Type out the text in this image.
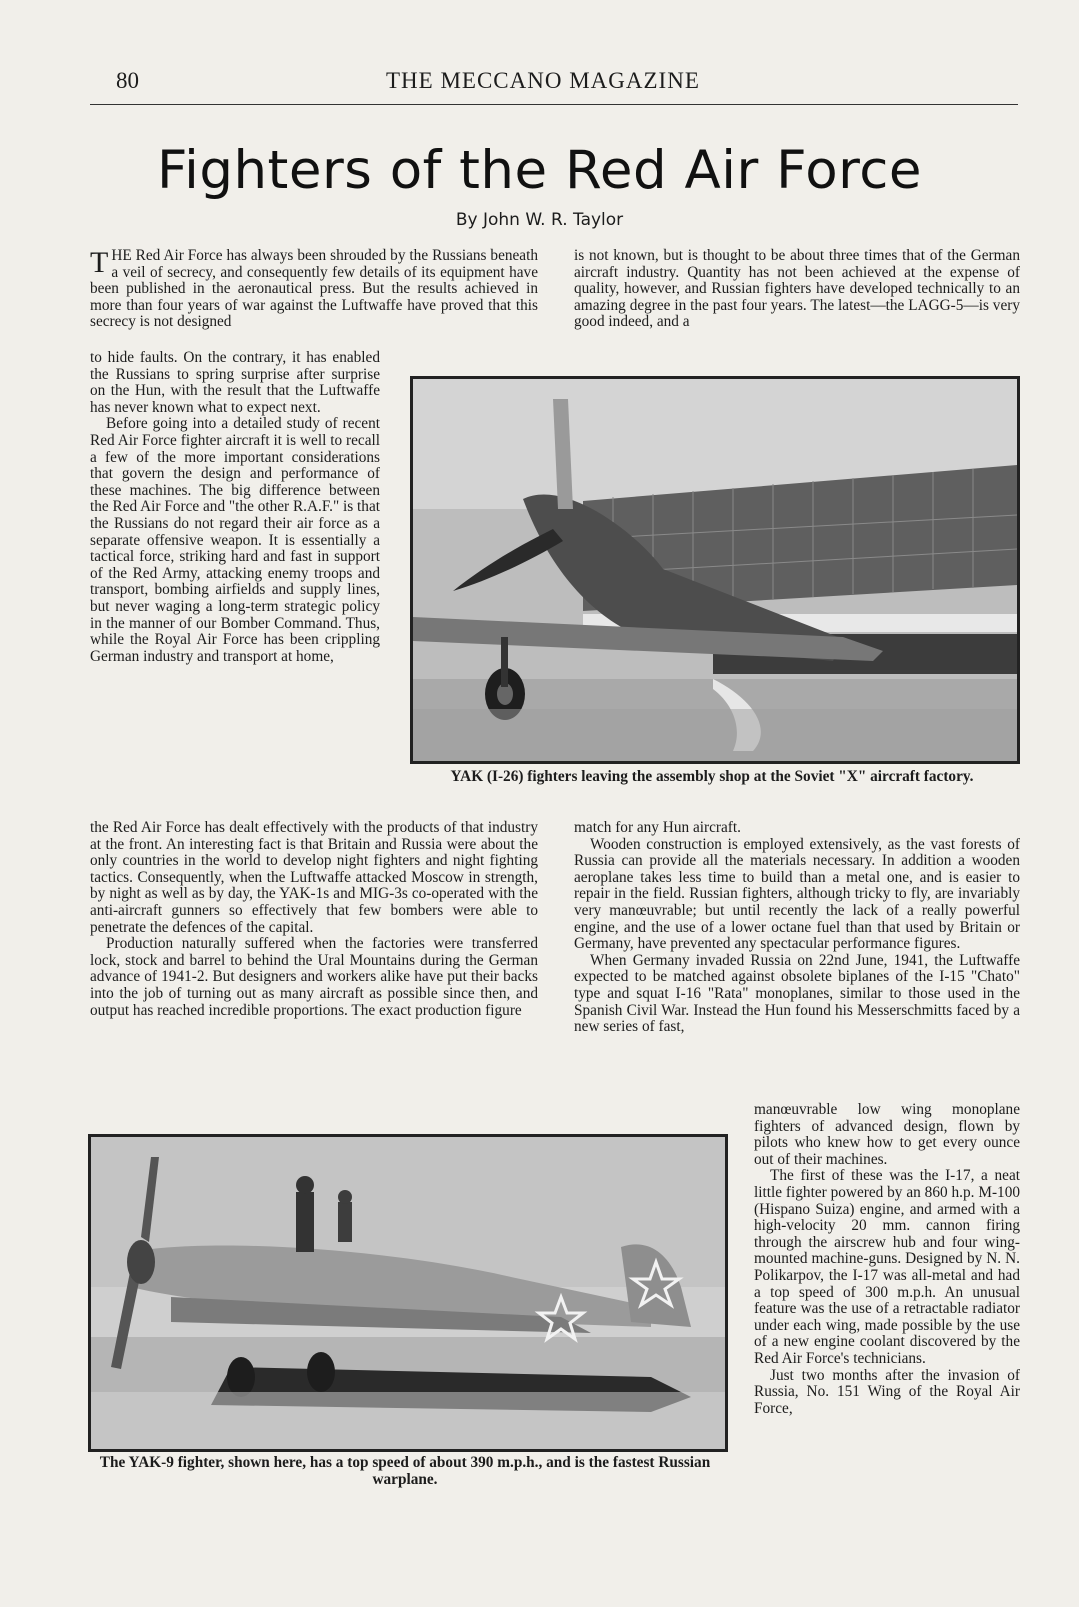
80	THE MECCANO MAGAZINE
Fighters of the Red Air Force
By John W. R. Taylor

THE Red Air Force has always been shrouded by the Russians beneath a veil of secrecy, and consequently few details of its equipment have been published in the aeronautical press. But the results achieved in more than four years of war against the Luftwaffe have proved that this secrecy is not designed

is not known, but is thought to be about three times that of the German aircraft industry. Quantity has not been achieved at the expense of quality, however, and Russian fighters have developed technically to an amazing degree in the past four years. The latest—the LAGG-5—is very good indeed, and a

to hide faults. On the contrary, it has enabled the Russians to spring surprise after surprise on the Hun, with the result that the Luftwaffe has never known what to expect next.

Before going into a detailed study of recent Red Air Force fighter aircraft it is well to recall a few of the more important considerations that govern the design and performance of these machines. The big difference between the Red Air Force and "the other R.A.F." is that the Russians do not regard their air force as a separate offensive weapon. It is essentially a tactical force, striking hard and fast in support of the Red Army, attacking enemy troops and transport, bombing airfields and supply lines, but never waging a long-term strategic policy in the manner of our Bomber Command. Thus, while the Royal Air Force has been crippling German industry and transport at home,

YAK (I-26) fighters leaving the assembly shop at the Soviet "X" aircraft factory.

the Red Air Force has dealt effectively with the products of that industry at the front. An interesting fact is that Britain and Russia were about the only countries in the world to develop night fighters and night fighting tactics. Consequently, when the Luftwaffe attacked Moscow in strength, by night as well as by day, the YAK-1s and MIG-3s co-operated with the anti-aircraft gunners so effectively that few bombers were able to penetrate the defences of the capital.

Production naturally suffered when the factories were transferred lock, stock and barrel to behind the Ural Mountains during the German advance of 1941-2. But designers and workers alike have put their backs into the job of turning out as many aircraft as possible since then, and output has reached incredible proportions. The exact production figure

match for any Hun aircraft.

Wooden construction is employed extensively, as the vast forests of Russia can provide all the materials necessary. In addition a wooden aeroplane takes less time to build than a metal one, and is easier to repair in the field. Russian fighters, although tricky to fly, are invariably very manœuvrable; but until recently the lack of a really powerful engine, and the use of a lower octane fuel than that used by Britain or Germany, have prevented any spectacular performance figures.

When Germany invaded Russia on 22nd June, 1941, the Luftwaffe expected to be matched against obsolete biplanes of the I-15 "Chato" type and squat I-16 "Rata" monoplanes, similar to those used in the Spanish Civil War. Instead the Hun found his Messerschmitts faced by a new series of fast,

The YAK-9 fighter, shown here, has a top speed of about 390 m.p.h., and is the fastest Russian warplane.

manœuvrable low wing monoplane fighters of advanced design, flown by pilots who knew how to get every ounce out of their machines.

The first of these was the I-17, a neat little fighter powered by an 860 h.p. M-100 (Hispano Suiza) engine, and armed with a high-velocity 20 mm. cannon firing through the airscrew hub and four wing-mounted machine-guns. Designed by N. N. Polikarpov, the I-17 was all-metal and had a top speed of 300 m.p.h. An unusual feature was the use of a retractable radiator under each wing, made possible by the use of a new engine coolant discovered by the Red Air Force's technicians.

Just two months after the invasion of Russia, No. 151 Wing of the Royal Air Force,
